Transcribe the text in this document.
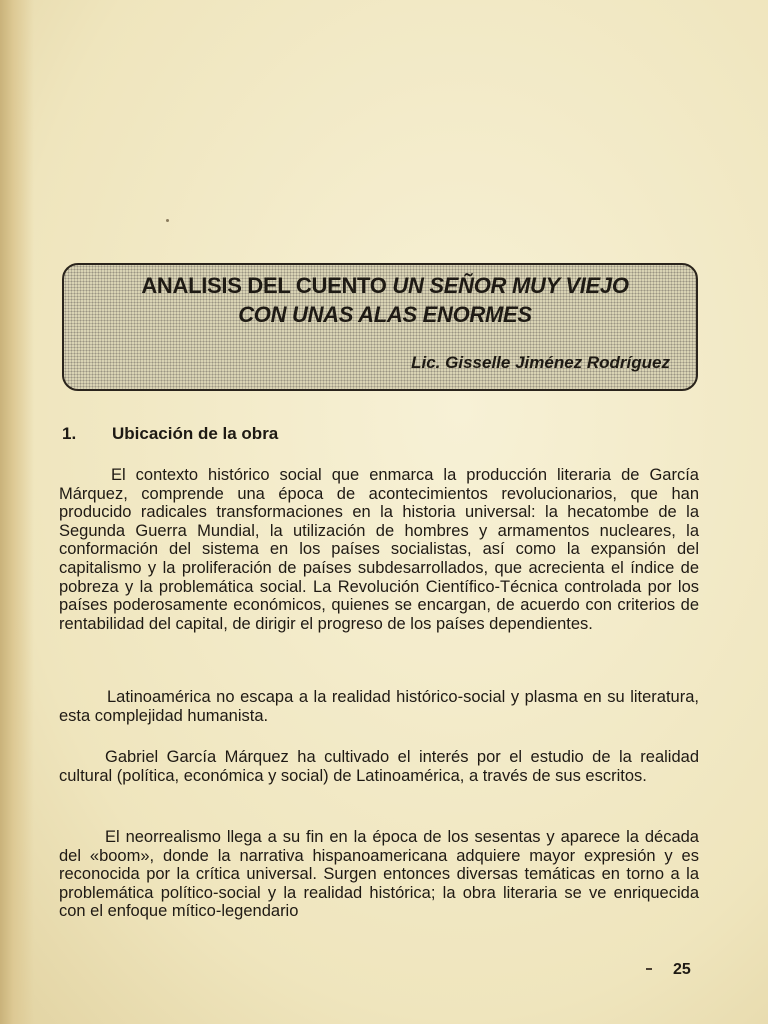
ANALISIS DEL CUENTO UN SEÑOR MUY VIEJO
CON UNAS ALAS ENORMES
Lic. Gisselle Jiménez Rodríguez
1. Ubicación de la obra

El contexto histórico social que enmarca la producción literaria de García Márquez, comprende una época de acontecimientos revolucionarios, que han producido radicales transformaciones en la historia universal: la hecatombe de la Segunda Guerra Mundial, la utilización de hombres y armamentos nucleares, la conformación del sistema en los países socialistas, así como la expansión del capitalismo y la proliferación de países subdesarrollados, que acrecienta el índice de pobreza y la problemática social. La Revolución Científico-Técnica controlada por los países poderosamente económicos, quienes se encargan, de acuerdo con criterios de rentabilidad del capital, de dirigir el progreso de los países dependientes.

Latinoamérica no escapa a la realidad histórico-social y plasma en su literatura, esta complejidad humanista.

Gabriel García Márquez ha cultivado el interés por el estudio de la realidad cultural (política, económica y social) de Latinoamérica, a través de sus escritos.

El neorrealismo llega a su fin en la época de los sesentas y aparece la década del «boom», donde la narrativa hispanoamericana adquiere mayor expresión y es reconocida por la crítica universal. Surgen entonces diversas temáticas en torno a la problemática político-social y la realidad histórica; la obra literaria se ve enriquecida con el enfoque mítico-legendario

25
